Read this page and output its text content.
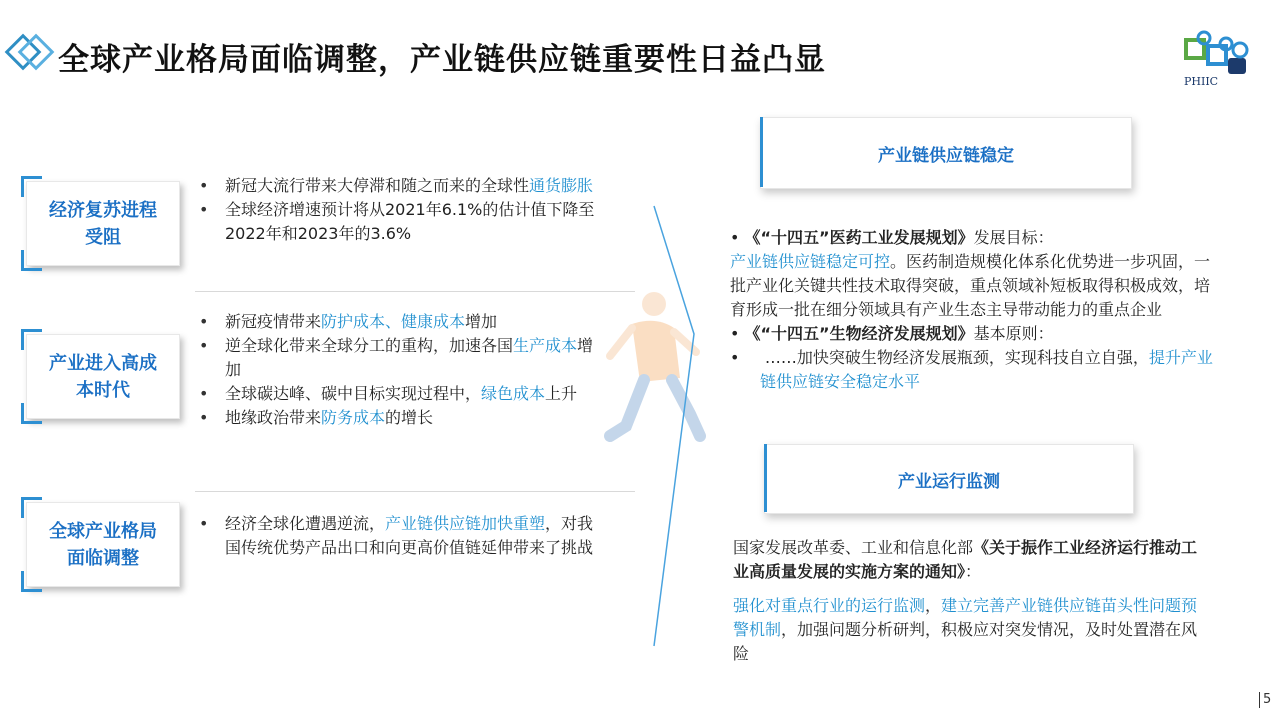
全球产业格局面临调整，产业链供应链重要性日益凸显
PHIIC
经济复苏进程
受阻
• 新冠大流行带来大停滞和随之而来的全球性通货膨胀
• 全球经济增速预计将从2021年6.1%的估计值下降至2022年和2023年的3.6%
产业进入高成
本时代
• 新冠疫情带来防护成本、健康成本增加
• 逆全球化带来全球分工的重构，加速各国生产成本增加
• 全球碳达峰、碳中目标实现过程中，绿色成本上升
• 地缘政治带来防务成本的增长
全球产业格局
面临调整
• 经济全球化遭遇逆流，产业链供应链加快重塑，对我国传统优势产品出口和向更高价值链延伸带来了挑战
产业链供应链稳定
• 《“十四五”医药工业发展规划》发展目标：
产业链供应链稳定可控。医药制造规模化体系化优势进一步巩固，一批产业化关键共性技术取得突破，重点领域补短板取得积极成效，培育形成一批在细分领域具有产业生态主导带动能力的重点企业
• 《“十四五”生物经济发展规划》基本原则：
•     ……加快突破生物经济发展瓶颈，实现科技自立自强，提升产业链供应链安全稳定水平
产业运行监测
国家发展改革委、工业和信息化部《关于振作工业经济运行推动工业高质量发展的实施方案的通知》：
强化对重点行业的运行监测，建立完善产业链供应链苗头性问题预警机制，加强问题分析研判，积极应对突发情况，及时处置潜在风险
5
